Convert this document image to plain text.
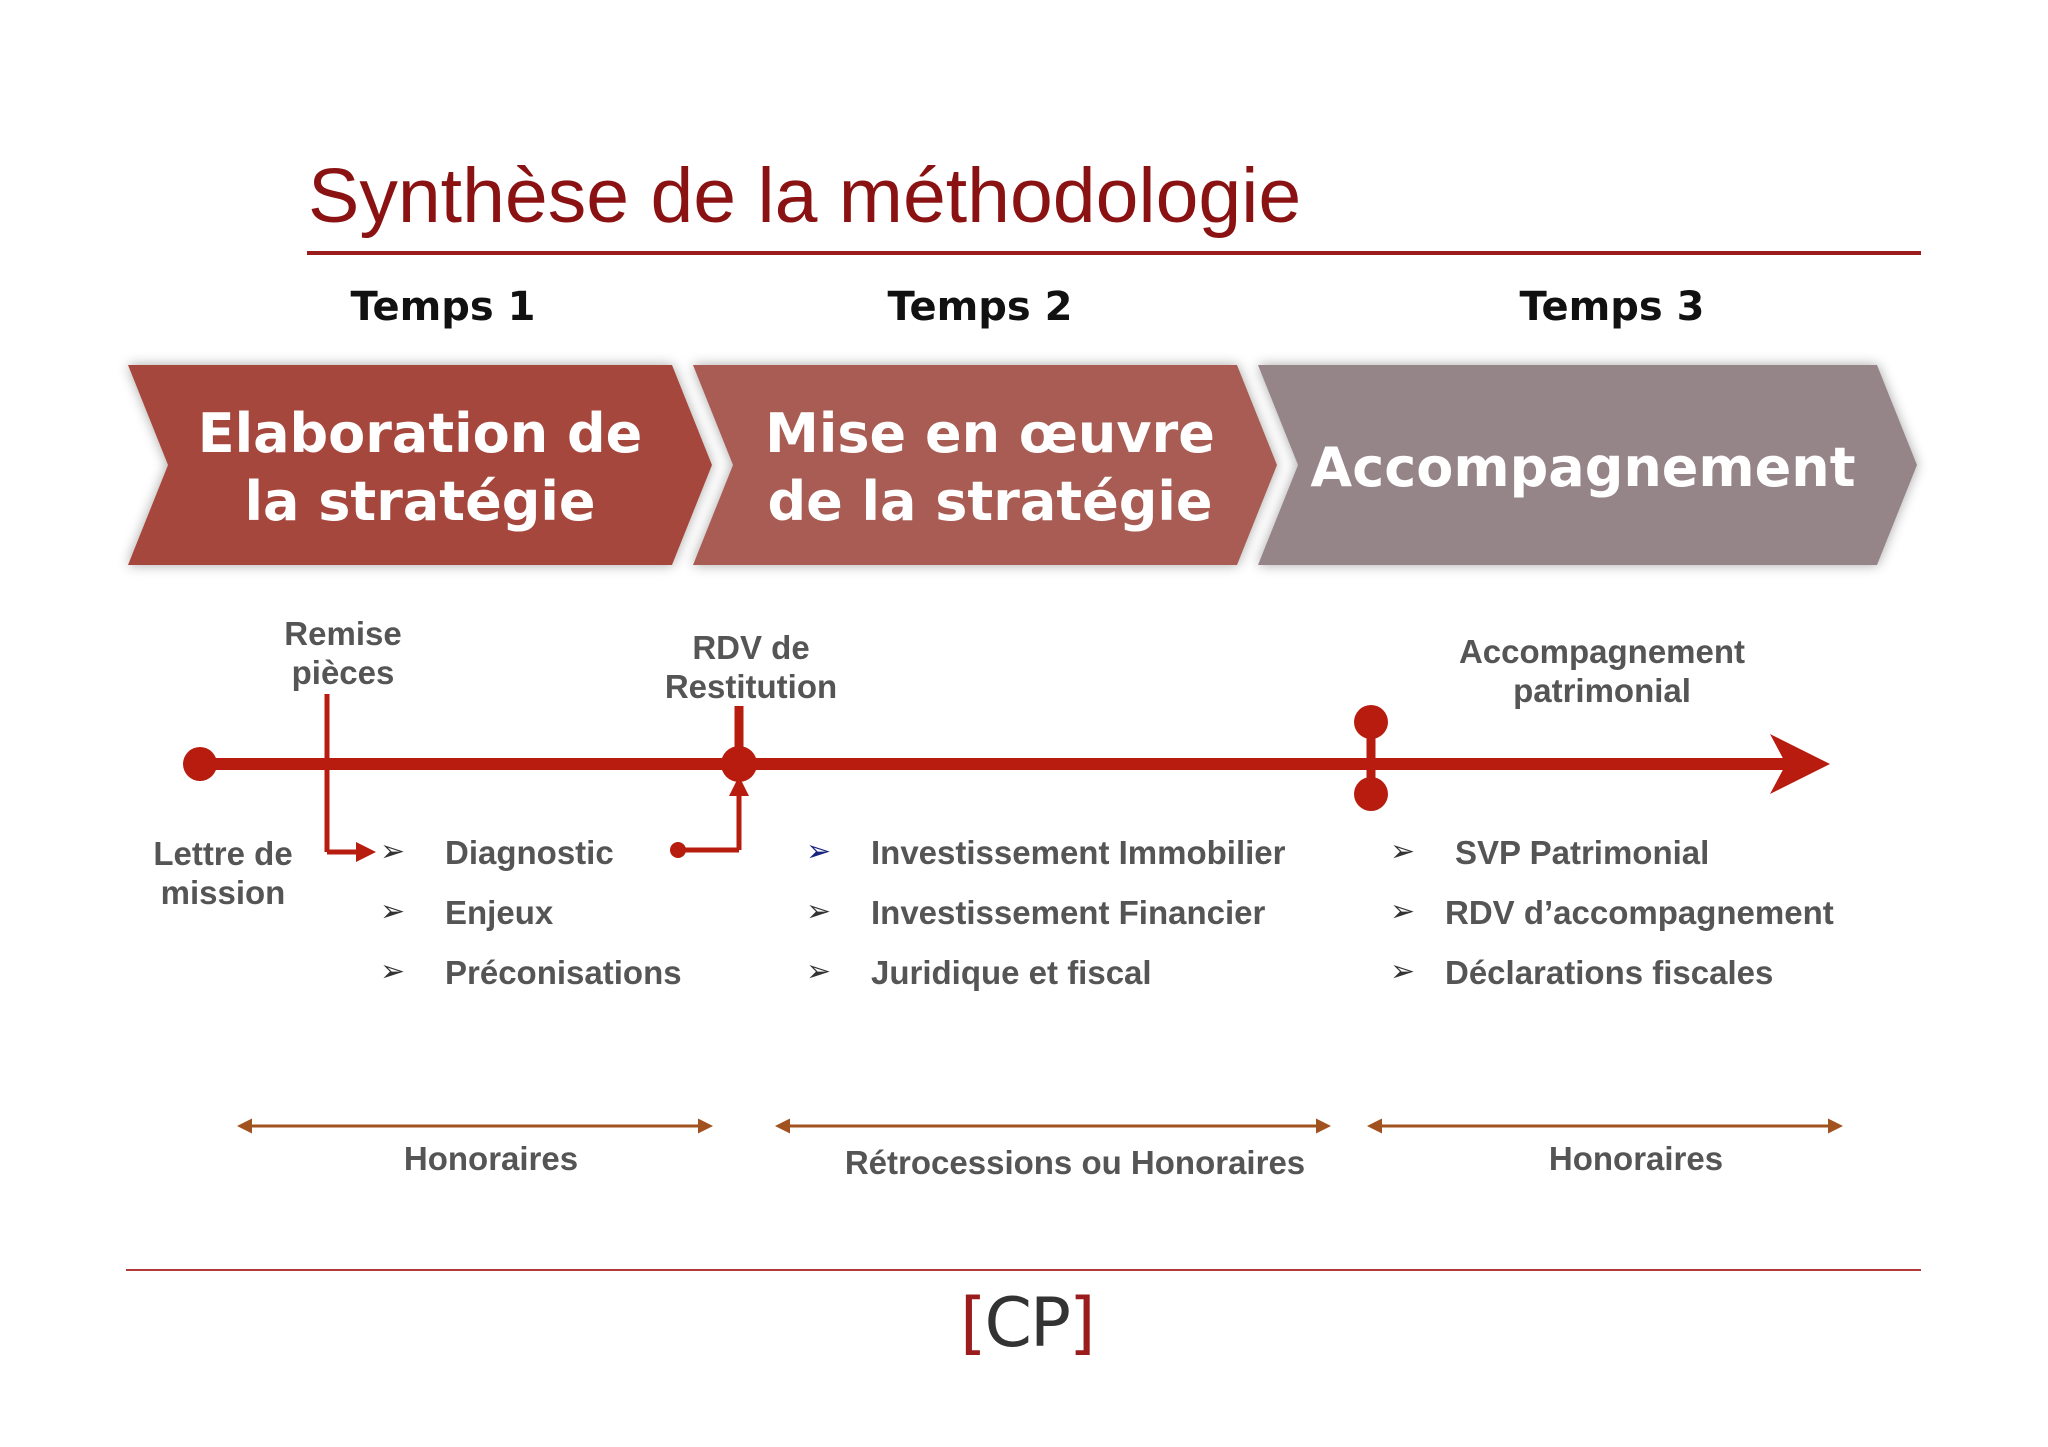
Synthèse de la méthodologie
Temps 1	Temps 2	Temps 3
Elaboration de
la stratégie
Mise en œuvre
de la stratégie
Accompagnement
Remise
pièces
RDV de
Restitution
Accompagnement
patrimonial
Lettre de
mission
➢ Diagnostic
➢ Enjeux
➢ Préconisations
➢ Investissement Immobilier
➢ Investissement Financier
➢ Juridique et fiscal
➢ SVP Patrimonial
➢ RDV d’accompagnement
➢ Déclarations fiscales
Honoraires	Rétrocessions ou Honoraires	Honoraires
[CP]
